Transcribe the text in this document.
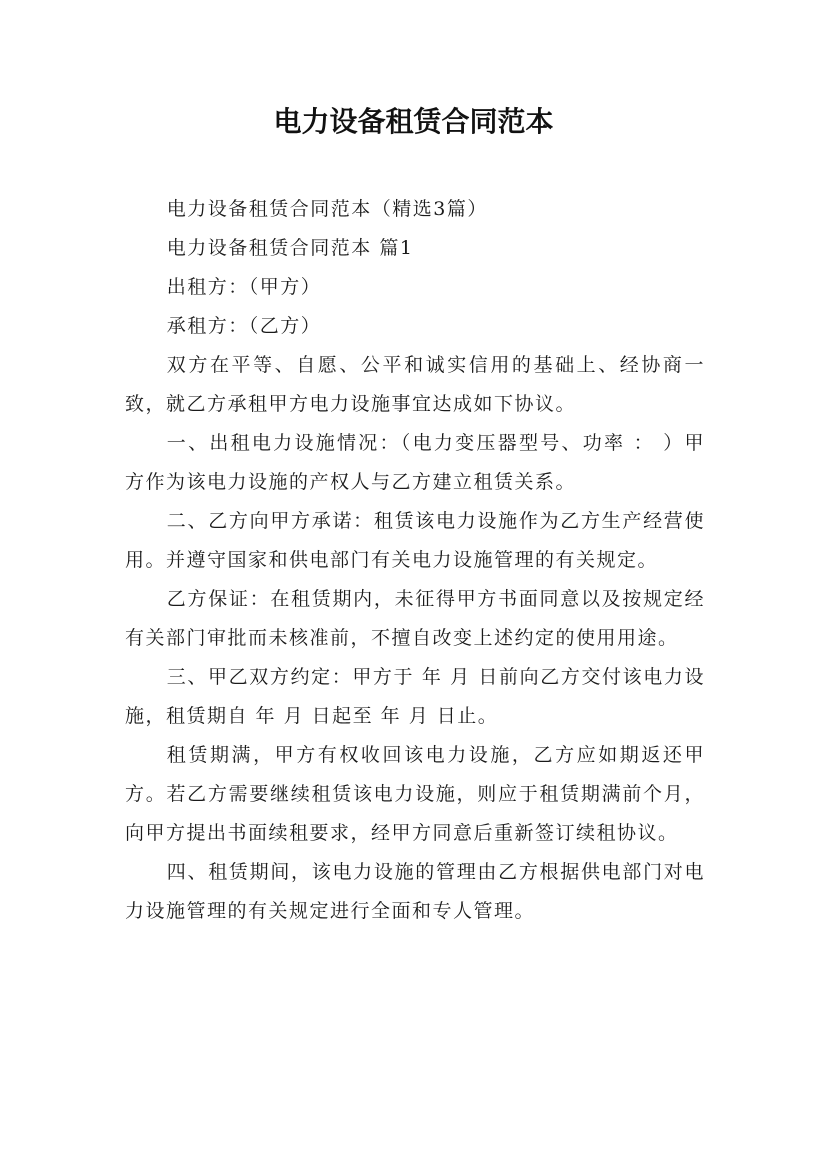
电力设备租赁合同范本

电力设备租赁合同范本（精选3篇）

电力设备租赁合同范本 篇1

出租方：（甲方）

承租方：（乙方）

双方在平等、自愿、公平和诚实信用的基础上、经协商一致，就乙方承租甲方电力设施事宜达成如下协议。

一、出租电力设施情况：（电力变压器型号、功率 ： ）甲方作为该电力设施的产权人与乙方建立租赁关系。

二、乙方向甲方承诺：租赁该电力设施作为乙方生产经营使用。并遵守国家和供电部门有关电力设施管理的有关规定。

乙方保证：在租赁期内，未征得甲方书面同意以及按规定经有关部门审批而未核准前，不擅自改变上述约定的使用用途。

三、甲乙双方约定：甲方于 年 月 日前向乙方交付该电力设施，租赁期自 年 月 日起至 年 月 日止。

租赁期满，甲方有权收回该电力设施，乙方应如期返还甲方。若乙方需要继续租赁该电力设施，则应于租赁期满前个月，向甲方提出书面续租要求，经甲方同意后重新签订续租协议。

四、租赁期间，该电力设施的管理由乙方根据供电部门对电力设施管理的有关规定进行全面和专人管理。
